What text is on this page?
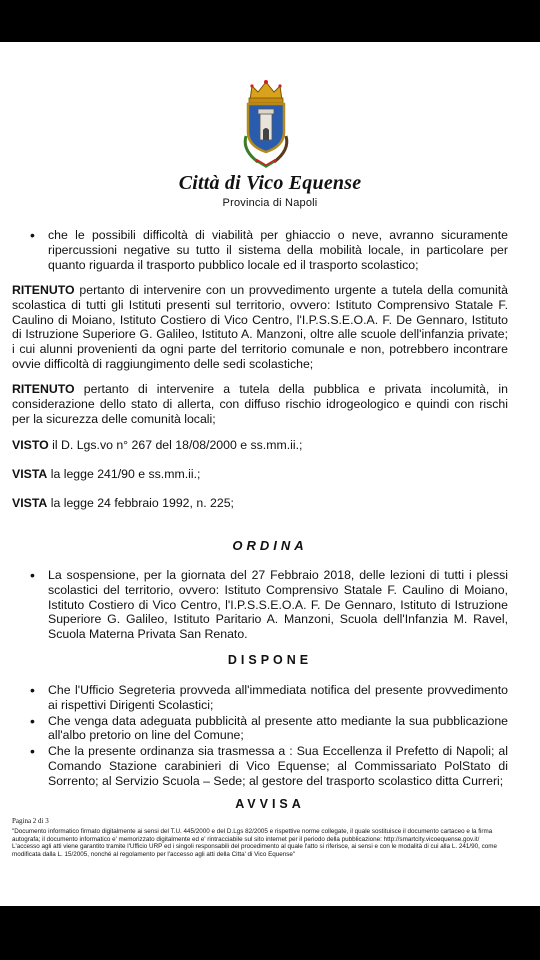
Città di Vico Equense
Provincia di Napoli
• che le possibili difficoltà di viabilità per ghiaccio o neve, avranno sicuramente ripercussioni negative su tutto il sistema della mobilità locale, in particolare per quanto riguarda il trasporto pubblico locale ed il trasporto scolastico;

RITENUTO pertanto di intervenire con un provvedimento urgente a tutela della comunità scolastica di tutti gli Istituti presenti sul territorio, ovvero: Istituto Comprensivo Statale F. Caulino di Moiano, Istituto Costiero di Vico Centro, l'I.P.S.S.E.O.A. F. De Gennaro, Istituto di Istruzione Superiore G. Galileo, Istituto A. Manzoni, oltre alle scuole dell'infanzia private; i cui alunni provenienti da ogni parte del territorio comunale e non, potrebbero incontrare ovvie difficoltà di raggiungimento delle sedi scolastiche;

RITENUTO pertanto di intervenire a tutela della pubblica e privata incolumità, in considerazione dello stato di allerta, con diffuso rischio idrogeologico e quindi con rischi per la sicurezza delle comunità locali;

VISTO il D. Lgs.vo n° 267 del 18/08/2000 e ss.mm.ii.;

VISTA la legge 241/90 e ss.mm.ii.;

VISTA la legge 24 febbraio 1992, n. 225;

ORDINA
• La sospensione, per la giornata del 27 Febbraio 2018, delle lezioni di tutti i plessi scolastici del territorio, ovvero: Istituto Comprensivo Statale F. Caulino di Moiano, Istituto Costiero di Vico Centro, l'I.P.S.S.E.O.A. F. De Gennaro, Istituto di Istruzione Superiore G. Galileo, Istituto Paritario A. Manzoni, Scuola dell'Infanzia M. Ravel, Scuola Materna Privata San Renato.
DISPONE
• Che l'Ufficio Segreteria provveda all'immediata notifica del presente provvedimento ai rispettivi Dirigenti Scolastici;
• Che venga data adeguata pubblicità al presente atto mediante la sua pubblicazione all'albo pretorio on line del Comune;
• Che la presente ordinanza sia trasmessa a : Sua Eccellenza il Prefetto di Napoli; al Comando Stazione carabinieri di Vico Equense; al Commissariato PolStato di Sorrento; al Servizio Scuola – Sede; al gestore del trasporto scolastico ditta Curreri;
AVVISA
Pagina 2 di 3
"Documento informatico firmato digitalmente ai sensi del T.U. 445/2000 e del D.Lgs 82/2005 e rispettive norme collegate, il quale sostituisce il documento cartaceo e la firma autografa; il documento informatico e' memorizzato digitalmente ed e' rintracciabile sul sito internet per il periodo della pubblicazione: http://smartcity.vicoequense.gov.it/
L'accesso agli atti viene garantito tramite l'Ufficio URP ed i singoli responsabili del procedimento al quale l'atto si riferisce, ai sensi e con le modalità di cui alla L. 241/90, come modificata dalla L. 15/2005, nonché al regolamento per l'accesso agli atti della Citta' di Vico Equense"
